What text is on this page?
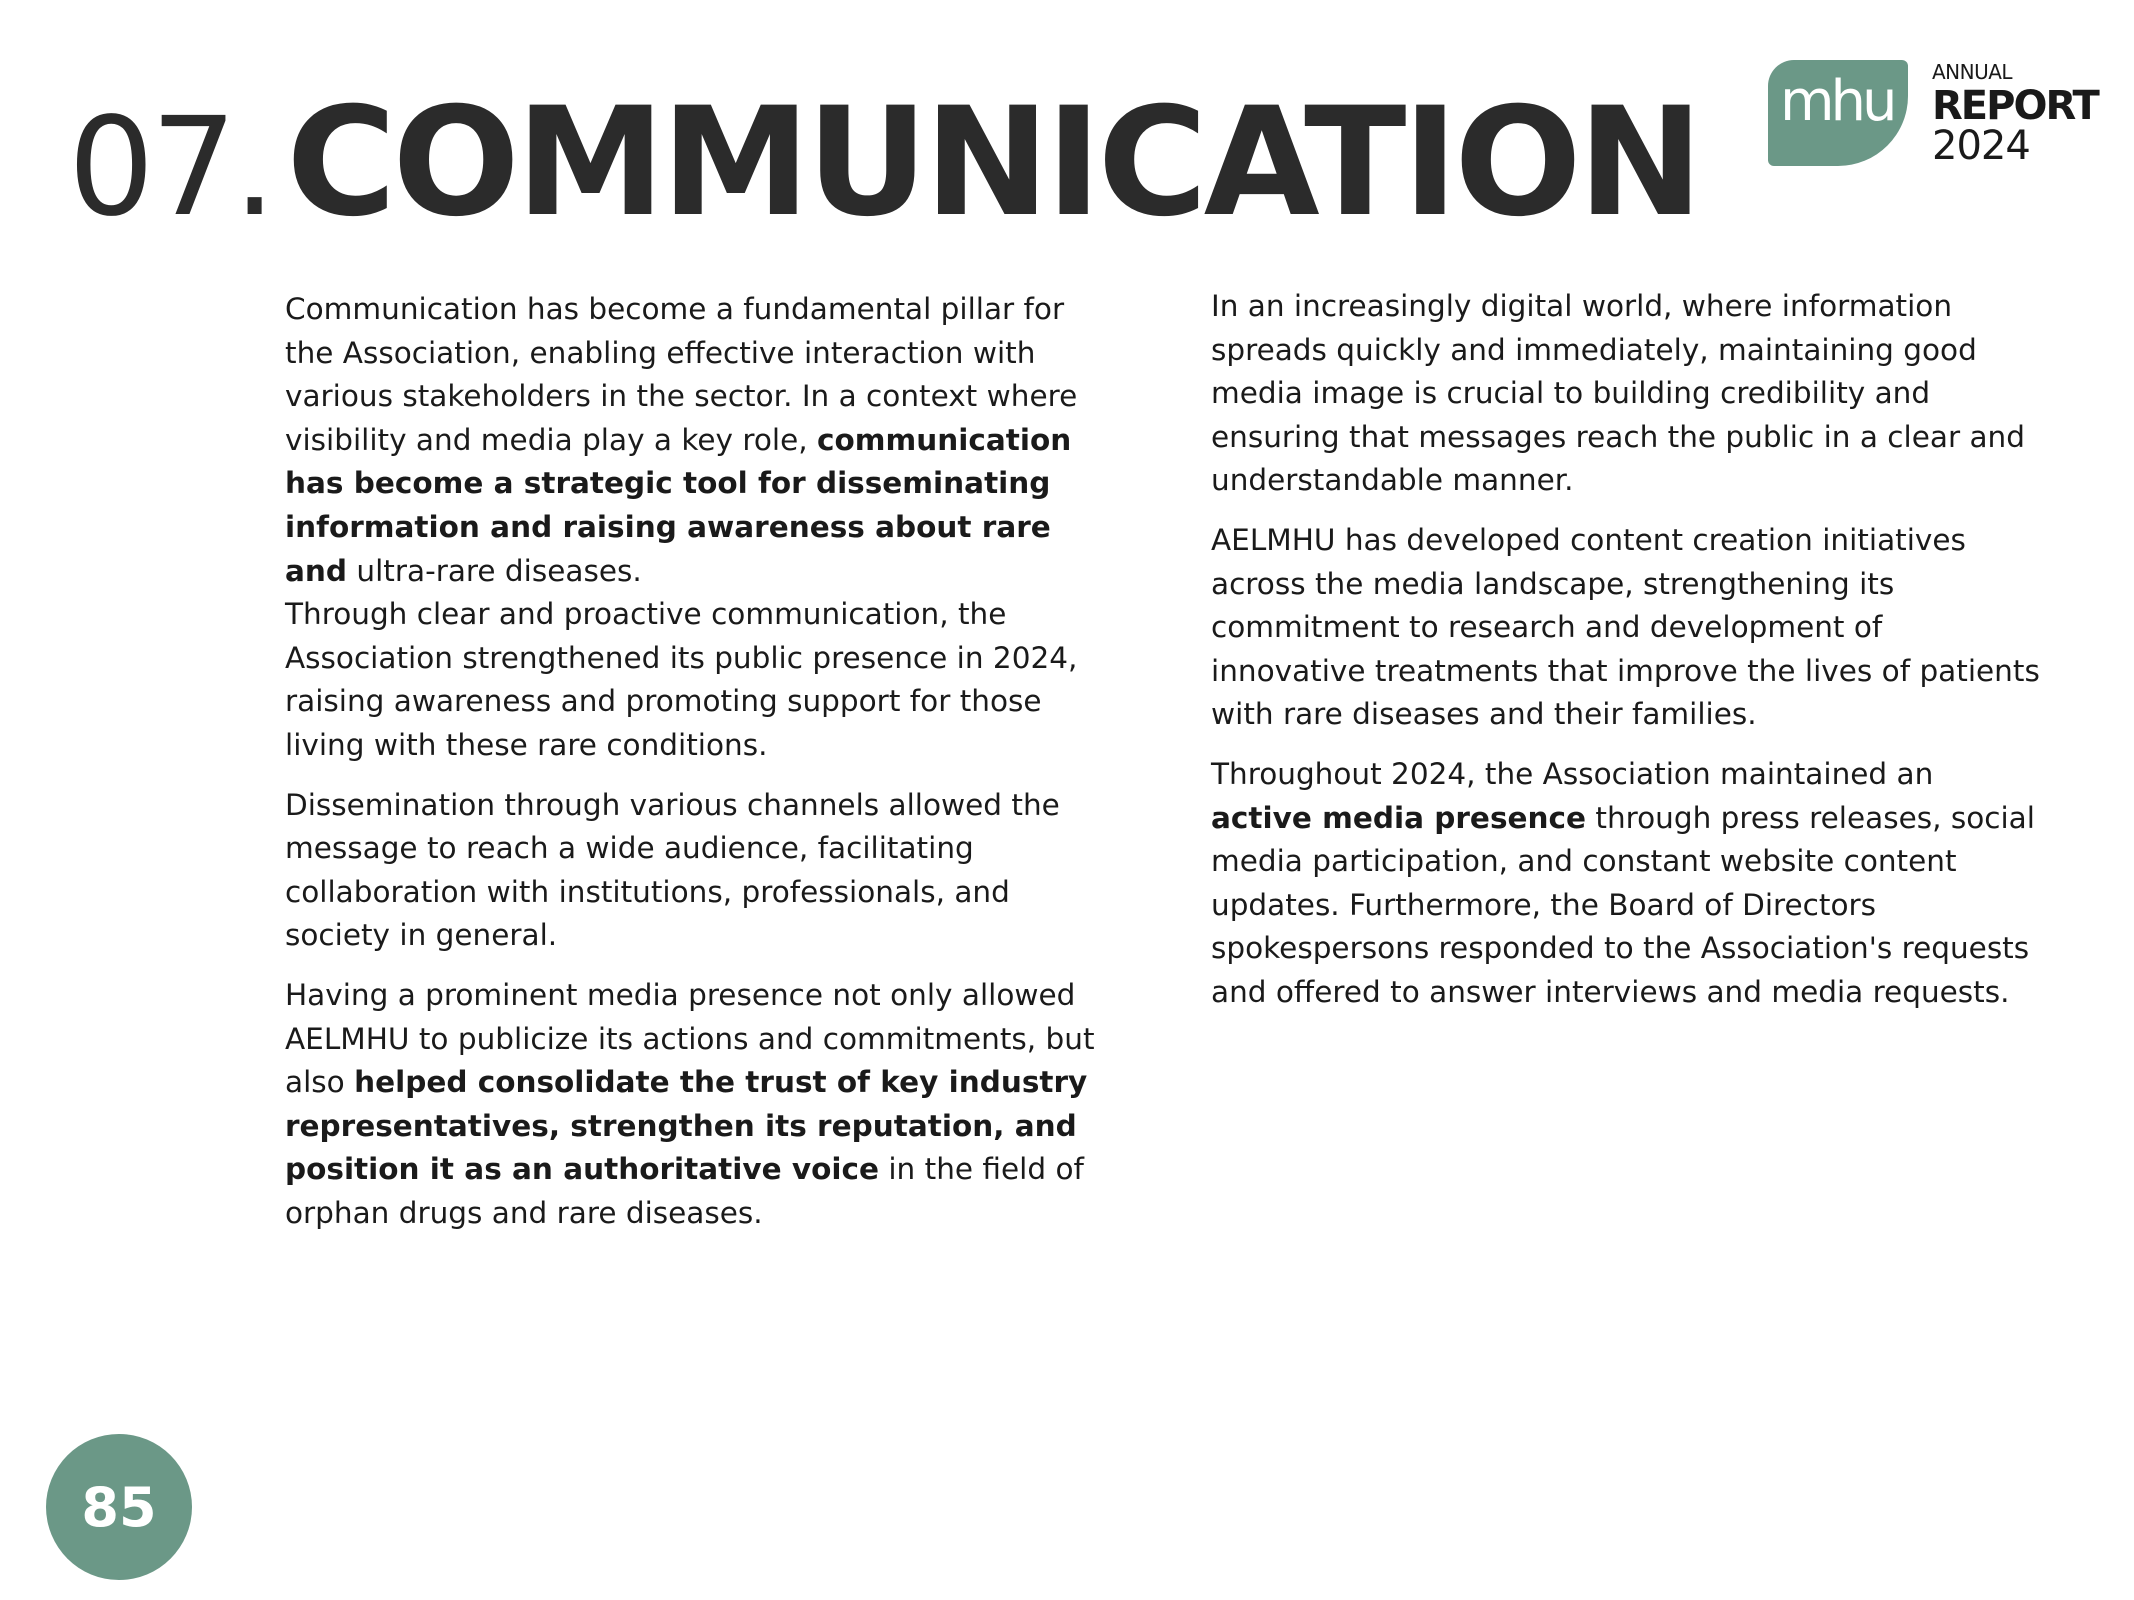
07.COMMUNICATION mhu ANNUAL
REPORT
2024

Communication has become a fundamental pillar for the Association, enabling effective interaction with various stakeholders in the sector. In a context where visibility and media play a key role, communication has become a strategic tool for disseminating information and raising awareness about rare and ultra-rare diseases.
Through clear and proactive communication, the Association strengthened its public presence in 2024, raising awareness and promoting support for those living with these rare conditions.

Dissemination through various channels allowed the message to reach a wide audience, facilitating collaboration with institutions, professionals, and society in general.

Having a prominent media presence not only allowed AELMHU to publicize its actions and commitments, but also helped consolidate the trust of key industry representatives, strengthen its reputation, and position it as an authoritative voice in the field of orphan drugs and rare diseases.

In an increasingly digital world, where information spreads quickly and immediately, maintaining good media image is crucial to building credibility and ensuring that messages reach the public in a clear and understandable manner.

AELMHU has developed content creation initiatives across the media landscape, strengthening its commitment to research and development of innovative treatments that improve the lives of patients with rare diseases and their families.

Throughout 2024, the Association maintained an active media presence through press releases, social media participation, and constant website content updates. Furthermore, the Board of Directors spokespersons responded to the Association's requests and offered to answer interviews and media requests.

85
